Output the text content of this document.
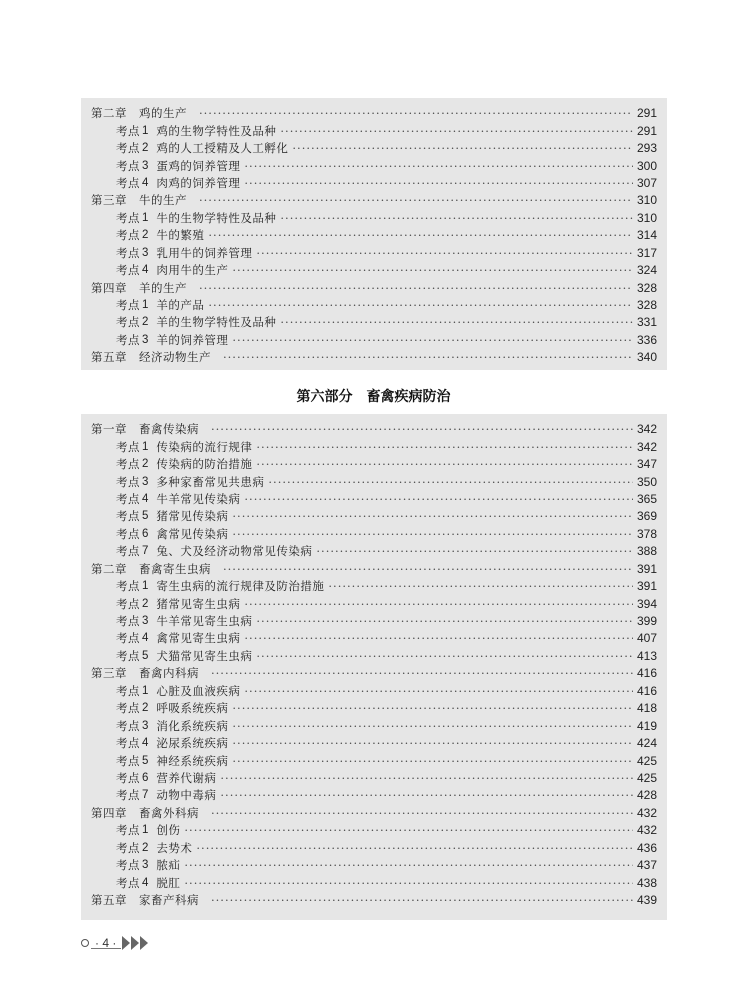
第二章　鸡的生产 ·····	291
考点 1 鸡的生物学特性及品种 ·····	291
考点 2 鸡的人工授精及人工孵化 ·····	293
考点 3 蛋鸡的饲养管理 ·····	300
考点 4 肉鸡的饲养管理 ·····	307
第三章　牛的生产 ·····	310
考点 1 牛的生物学特性及品种 ·····	310
考点 2 牛的繁殖 ·····	314
考点 3 乳用牛的饲养管理 ·····	317
考点 4 肉用牛的生产 ·····	324
第四章　羊的生产 ·····	328
考点 1 羊的产品 ·····	328
考点 2 羊的生物学特性及品种 ·····	331
考点 3 羊的饲养管理 ·····	336
第五章　经济动物生产 ·····	340
第六部分　畜禽疾病防治
第一章　畜禽传染病 ·····	342
考点 1 传染病的流行规律 ·····	342
考点 2 传染病的防治措施 ·····	347
考点 3 多种家畜常见共患病 ·····	350
考点 4 牛羊常见传染病 ·····	365
考点 5 猪常见传染病 ·····	369
考点 6 禽常见传染病 ·····	378
考点 7 兔、犬及经济动物常见传染病 ·····	388
第二章　畜禽寄生虫病 ·····	391
考点 1 寄生虫病的流行规律及防治措施 ·····	391
考点 2 猪常见寄生虫病 ·····	394
考点 3 牛羊常见寄生虫病 ·····	399
考点 4 禽常见寄生虫病 ·····	407
考点 5 犬猫常见寄生虫病 ·····	413
第三章　畜禽内科病 ·····	416
考点 1 心脏及血液疾病 ·····	416
考点 2 呼吸系统疾病 ·····	418
考点 3 消化系统疾病 ·····	419
考点 4 泌尿系统疾病 ·····	424
考点 5 神经系统疾病 ·····	425
考点 6 营养代谢病 ·····	425
考点 7 动物中毒病 ·····	428
第四章　畜禽外科病 ·····	432
考点 1 创伤 ·····	432
考点 2 去势术 ·····	436
考点 3 脓疝 ·····	437
考点 4 脱肛 ·····	438
第五章　家畜产科病 ·····	439
· 4 ·
